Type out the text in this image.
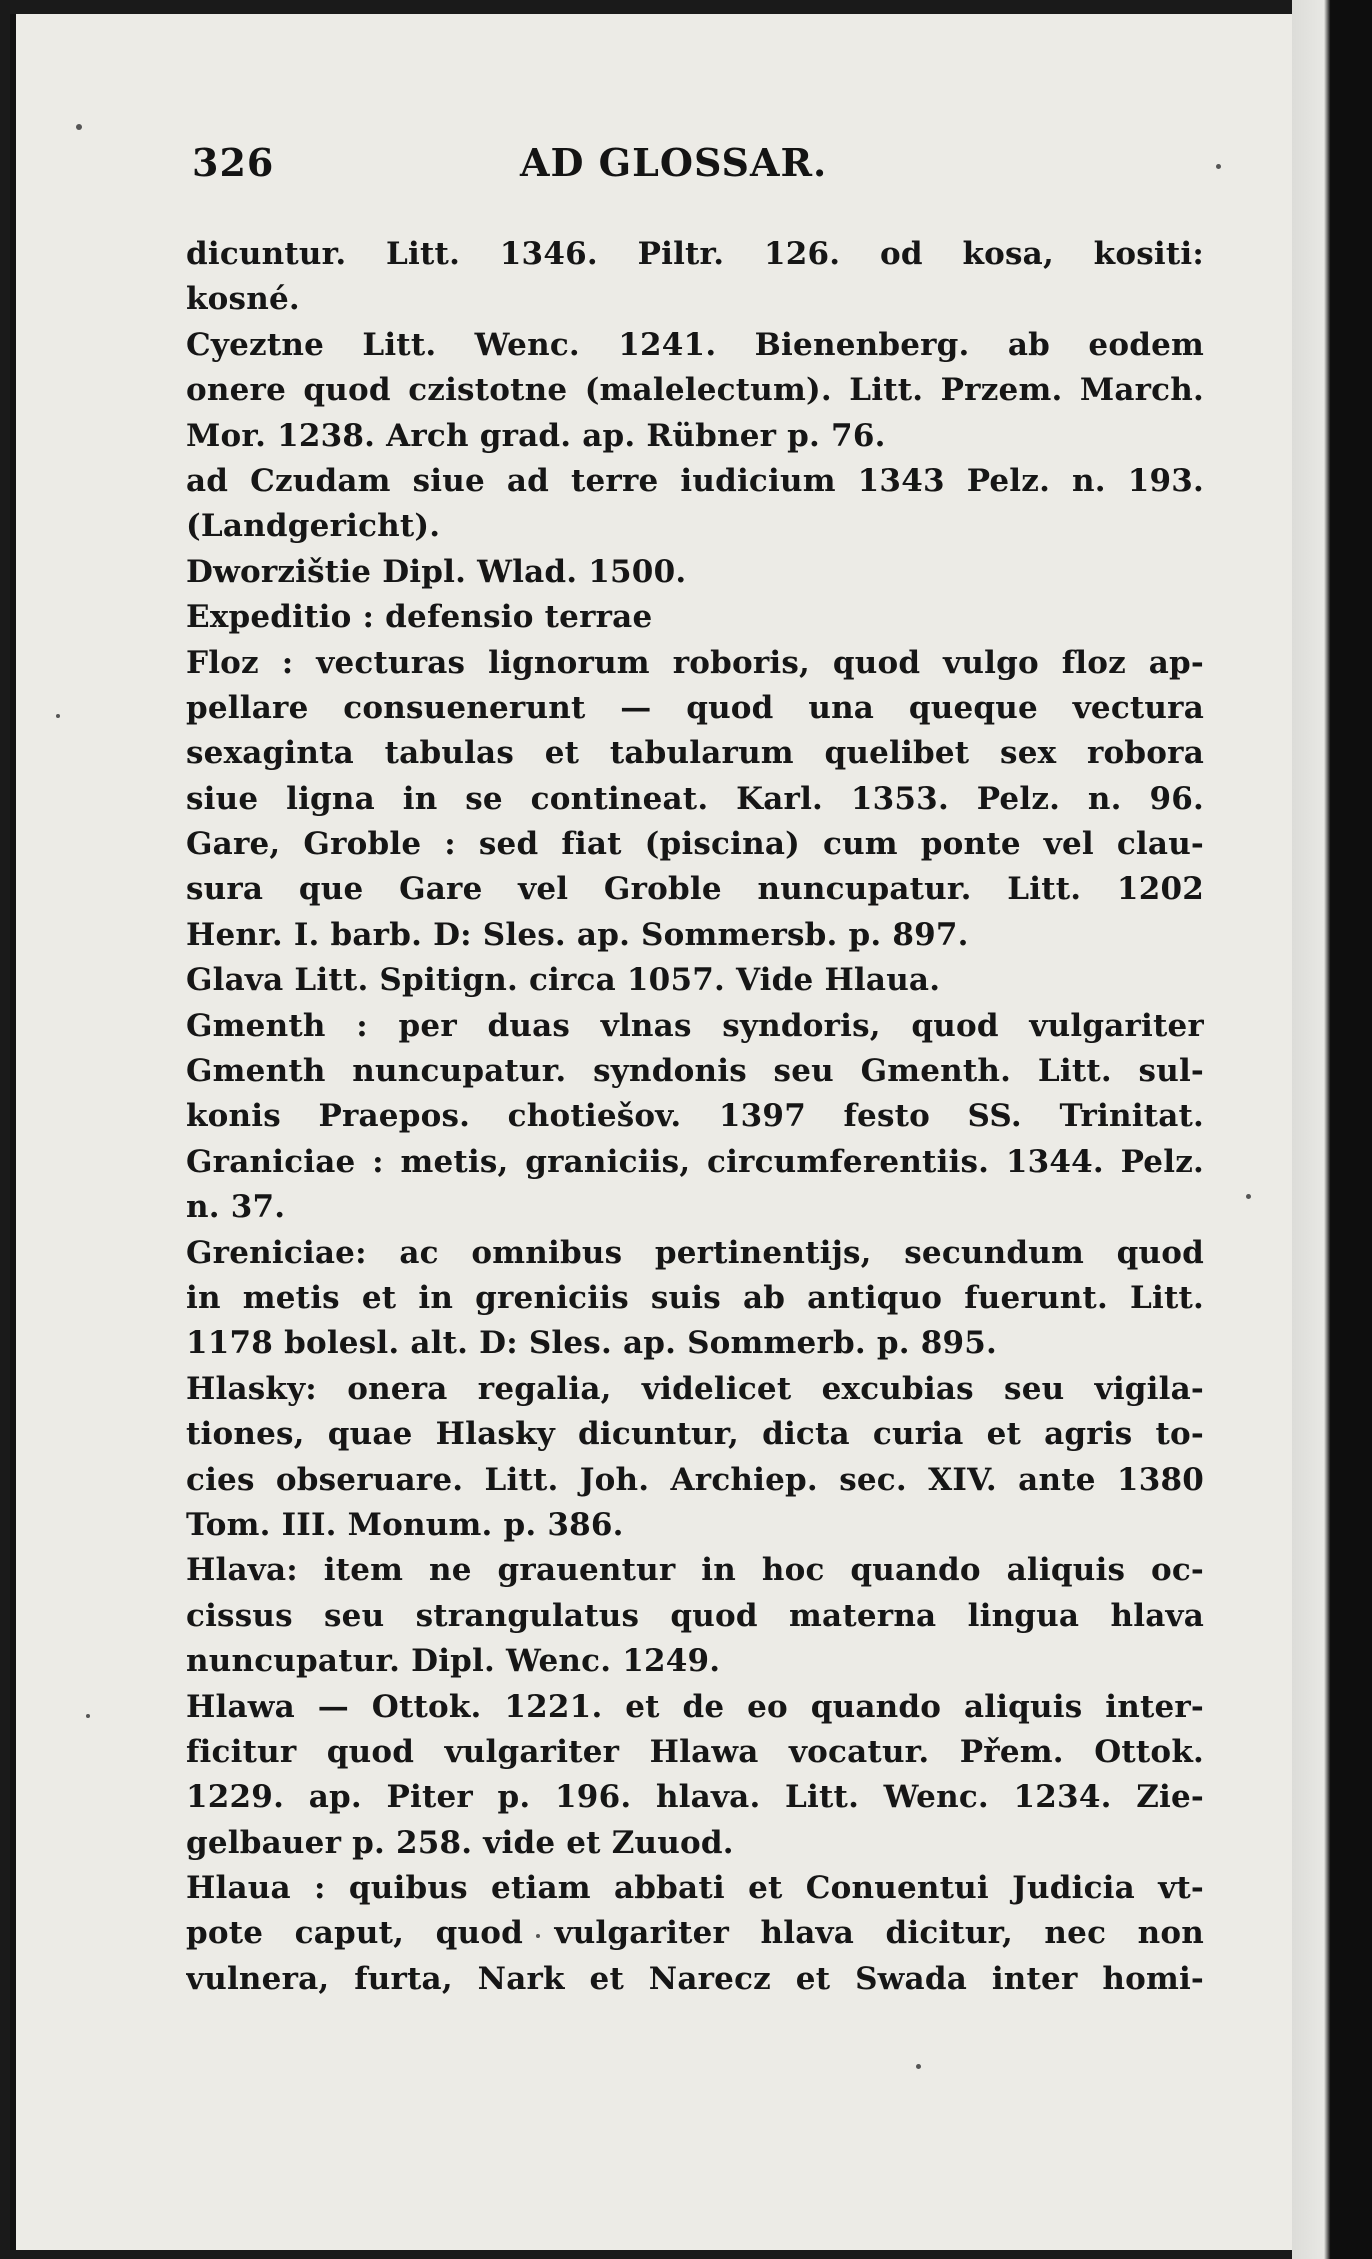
326	AD GLOSSAR.
dicuntur. Litt. 1346. Piltr. 126. od kosa, kositi:
kosné.
Cyeztne Litt. Wenc. 1241. Bienenberg. ab eodem
onere quod czistotne (malelectum). Litt. Przem. March.
Mor. 1238. Arch grad. ap. Rübner p. 76.
ad Czudam siue ad terre iudicium 1343 Pelz. n. 193.
(Landgericht).
Dworzištie Dipl. Wlad. 1500.
Expeditio : defensio terrae
Floz : vecturas lignorum roboris, quod vulgo floz ap-
pellare consuenerunt — quod una queque vectura
sexaginta tabulas et tabularum quelibet sex robora
siue ligna in se contineat. Karl. 1353. Pelz. n. 96.
Gare, Groble : sed fiat (piscina) cum ponte vel clau-
sura que Gare vel Groble nuncupatur. Litt. 1202
Henr. I. barb. D: Sles. ap. Sommersb. p. 897.
Glava Litt. Spitign. circa 1057. Vide Hlaua.
Gmenth : per duas vlnas syndoris, quod vulgariter
Gmenth nuncupatur. syndonis seu Gmenth. Litt. sul-
konis Praepos. chotiešov. 1397 festo SS. Trinitat.
Graniciae : metis, graniciis, circumferentiis. 1344. Pelz.
n. 37.
Greniciae: ac omnibus pertinentijs, secundum quod
in metis et in greniciis suis ab antiquo fuerunt. Litt.
1178 bolesl. alt. D: Sles. ap. Sommerb. p. 895.
Hlasky: onera regalia, videlicet excubias seu vigila-
tiones, quae Hlasky dicuntur, dicta curia et agris to-
cies obseruare. Litt. Joh. Archiep. sec. XIV. ante 1380
Tom. III. Monum. p. 386.
Hlava: item ne grauentur in hoc quando aliquis oc-
cissus seu strangulatus quod materna lingua hlava
nuncupatur. Dipl. Wenc. 1249.
Hlawa — Ottok. 1221. et de eo quando aliquis inter-
ficitur quod vulgariter Hlawa vocatur. Přem. Ottok.
1229. ap. Piter p. 196. hlava. Litt. Wenc. 1234. Zie-
gelbauer p. 258. vide et Zuuod.
Hlaua : quibus etiam abbati et Conuentui Judicia vt-
pote caput, quod vulgariter hlava dicitur, nec non
vulnera, furta, Nark et Narecz et Swada inter homi-
